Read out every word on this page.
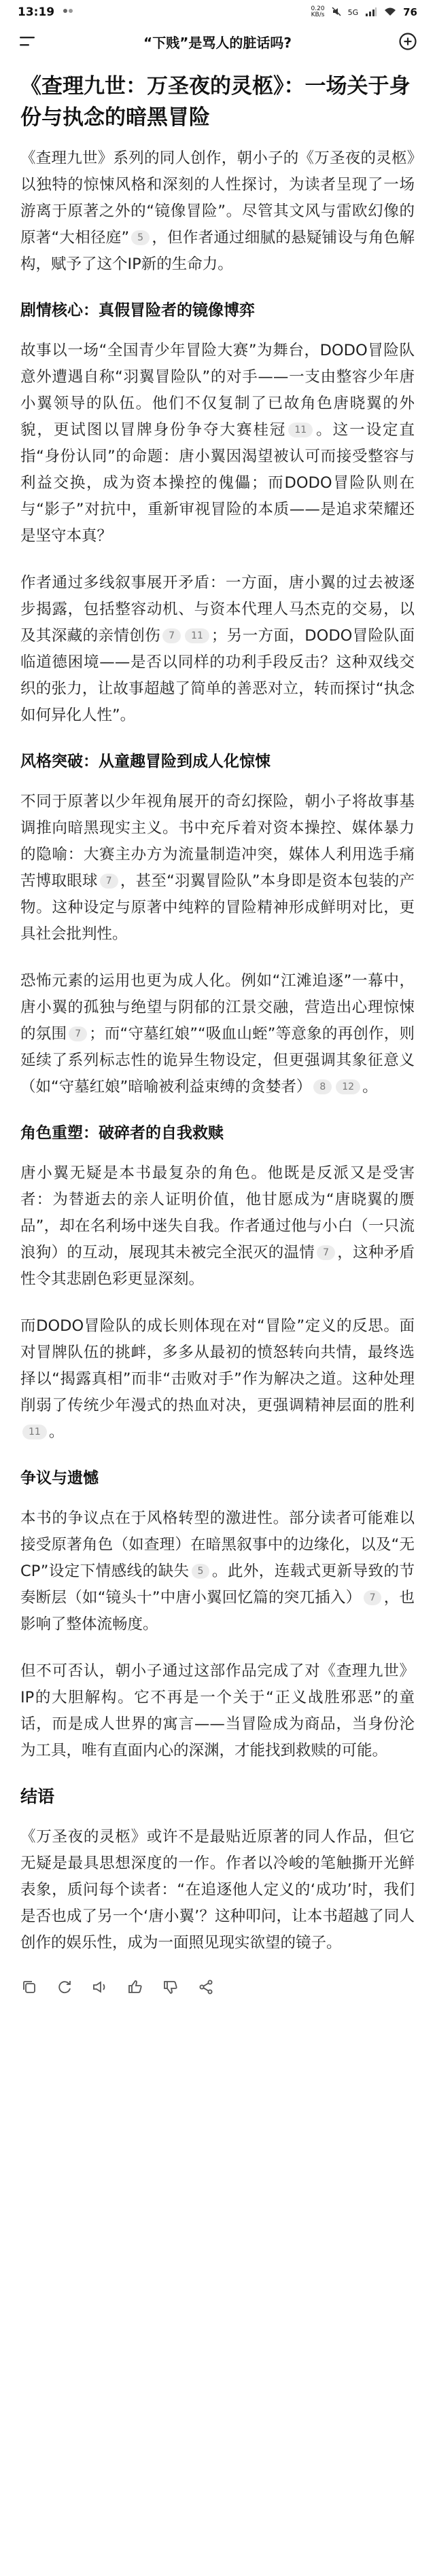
13:19	0.20
KB/s	5G	76
“下贱”是骂人的脏话吗?
《查理九世：万圣夜的灵柩》：一场关于身份与执念的暗黑冒险

《查理九世》系列的同人创作，朝小子的《万圣夜的灵柩》以独特的惊悚风格和深刻的人性探讨，为读者呈现了一场游离于原著之外的“镜像冒险”。尽管其文风与雷欧幻像的原著“大相径庭” 5 ，但作者通过细腻的悬疑铺设与角色解构，赋予了这个IP新的生命力。

剧情核心：真假冒险者的镜像博弈

故事以一场“全国青少年冒险大赛”为舞台，DODO冒险队意外遭遇自称“羽翼冒险队”的对手——一支由整容少年唐小翼领导的队伍。他们不仅复制了已故角色唐晓翼的外貌，更试图以冒牌身份争夺大赛桂冠 11 。这一设定直指“身份认同”的命题：唐小翼因渴望被认可而接受整容与利益交换，成为资本操控的傀儡；而DODO冒险队则在与“影子”对抗中，重新审视冒险的本质——是追求荣耀还是坚守本真？

作者通过多线叙事展开矛盾：一方面，唐小翼的过去被逐步揭露，包括整容动机、与资本代理人马杰克的交易，以及其深藏的亲情创伤 7 11 ；另一方面，DODO冒险队面临道德困境——是否以同样的功利手段反击？这种双线交织的张力，让故事超越了简单的善恶对立，转而探讨“执念如何异化人性”。

风格突破：从童趣冒险到成人化惊悚

不同于原著以少年视角展开的奇幻探险，朝小子将故事基调推向暗黑现实主义。书中充斥着对资本操控、媒体暴力的隐喻：大赛主办方为流量制造冲突，媒体人利用选手痛苦博取眼球 7 ，甚至“羽翼冒险队”本身即是资本包装的产物。这种设定与原著中纯粹的冒险精神形成鲜明对比，更具社会批判性。

恐怖元素的运用也更为成人化。例如“江滩追逐”一幕中，唐小翼的孤独与绝望与阴郁的江景交融，营造出心理惊悚的氛围 7 ；而“守墓红娘”“吸血山蛭”等意象的再创作，则延续了系列标志性的诡异生物设定，但更强调其象征意义（如“守墓红娘”暗喻被利益束缚的贪婪者） 8 12 。

角色重塑：破碎者的自我救赎

唐小翼无疑是本书最复杂的角色。他既是反派又是受害者：为替逝去的亲人证明价值，他甘愿成为“唐晓翼的赝品”，却在名利场中迷失自我。作者通过他与小白（一只流浪狗）的互动，展现其未被完全泯灭的温情 7 ，这种矛盾性令其悲剧色彩更显深刻。

而DODO冒险队的成长则体现在对“冒险”定义的反思。面对冒牌队伍的挑衅，多多从最初的愤怒转向共情，最终选择以“揭露真相”而非“击败对手”作为解决之道。这种处理削弱了传统少年漫式的热血对决，更强调精神层面的胜利11 。

争议与遗憾

本书的争议点在于风格转型的激进性。部分读者可能难以接受原著角色（如查理）在暗黑叙事中的边缘化，以及“无CP”设定下情感线的缺失 5 。此外，连载式更新导致的节奏断层（如“镜头十”中唐小翼回忆篇的突兀插入） 7 ，也影响了整体流畅度。

但不可否认，朝小子通过这部作品完成了对《查理九世》IP的大胆解构。它不再是一个关于“正义战胜邪恶”的童话，而是成人世界的寓言——当冒险成为商品，当身份沦为工具，唯有直面内心的深渊，才能找到救赎的可能。

结语

《万圣夜的灵柩》或许不是最贴近原著的同人作品，但它无疑是最具思想深度的一作。作者以冷峻的笔触撕开光鲜表象，质问每个读者：“在追逐他人定义的‘成功’时，我们是否也成了另一个‘唐小翼’？这种叩问，让本书超越了同人创作的娱乐性，成为一面照见现实欲望的镜子。
